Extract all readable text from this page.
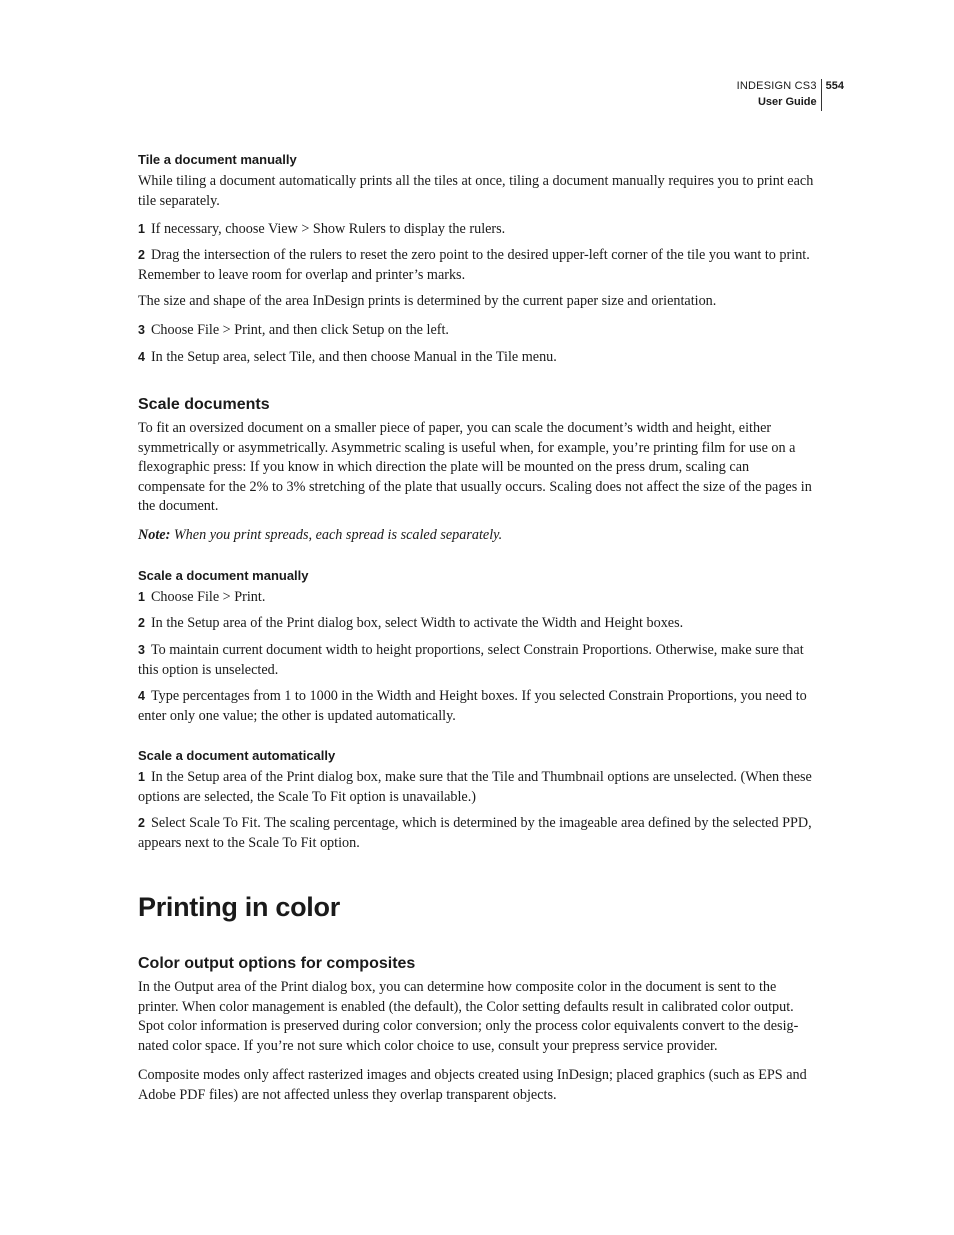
INDESIGN CS3
User Guide
554
Tile a document manually
While tiling a document automatically prints all the tiles at once, tiling a document manually requires you to print each tile separately.
1 If necessary, choose View > Show Rulers to display the rulers.
2 Drag the intersection of the rulers to reset the zero point to the desired upper-left corner of the tile you want to print. Remember to leave room for overlap and printer’s marks.
The size and shape of the area InDesign prints is determined by the current paper size and orientation.
3 Choose File > Print, and then click Setup on the left.
4 In the Setup area, select Tile, and then choose Manual in the Tile menu.
Scale documents
To fit an oversized document on a smaller piece of paper, you can scale the document’s width and height, either symmetrically or asymmetrically. Asymmetric scaling is useful when, for example, you’re printing film for use on a flexographic press: If you know in which direction the plate will be mounted on the press drum, scaling can compensate for the 2% to 3% stretching of the plate that usually occurs. Scaling does not affect the size of the pages in the document.
Note: When you print spreads, each spread is scaled separately.
Scale a document manually
1 Choose File > Print.
2 In the Setup area of the Print dialog box, select Width to activate the Width and Height boxes.
3 To maintain current document width to height proportions, select Constrain Proportions. Otherwise, make sure that this option is unselected.
4 Type percentages from 1 to 1000 in the Width and Height boxes. If you selected Constrain Proportions, you need to enter only one value; the other is updated automatically.
Scale a document automatically
1 In the Setup area of the Print dialog box, make sure that the Tile and Thumbnail options are unselected. (When these options are selected, the Scale To Fit option is unavailable.)
2 Select Scale To Fit. The scaling percentage, which is determined by the imageable area defined by the selected PPD, appears next to the Scale To Fit option.
Printing in color
Color output options for composites
In the Output area of the Print dialog box, you can determine how composite color in the document is sent to the printer. When color management is enabled (the default), the Color setting defaults result in calibrated color output. Spot color information is preserved during color conversion; only the process color equivalents convert to the desig-nated color space. If you’re not sure which color choice to use, consult your prepress service provider.
Composite modes only affect rasterized images and objects created using InDesign; placed graphics (such as EPS and Adobe PDF files) are not affected unless they overlap transparent objects.
